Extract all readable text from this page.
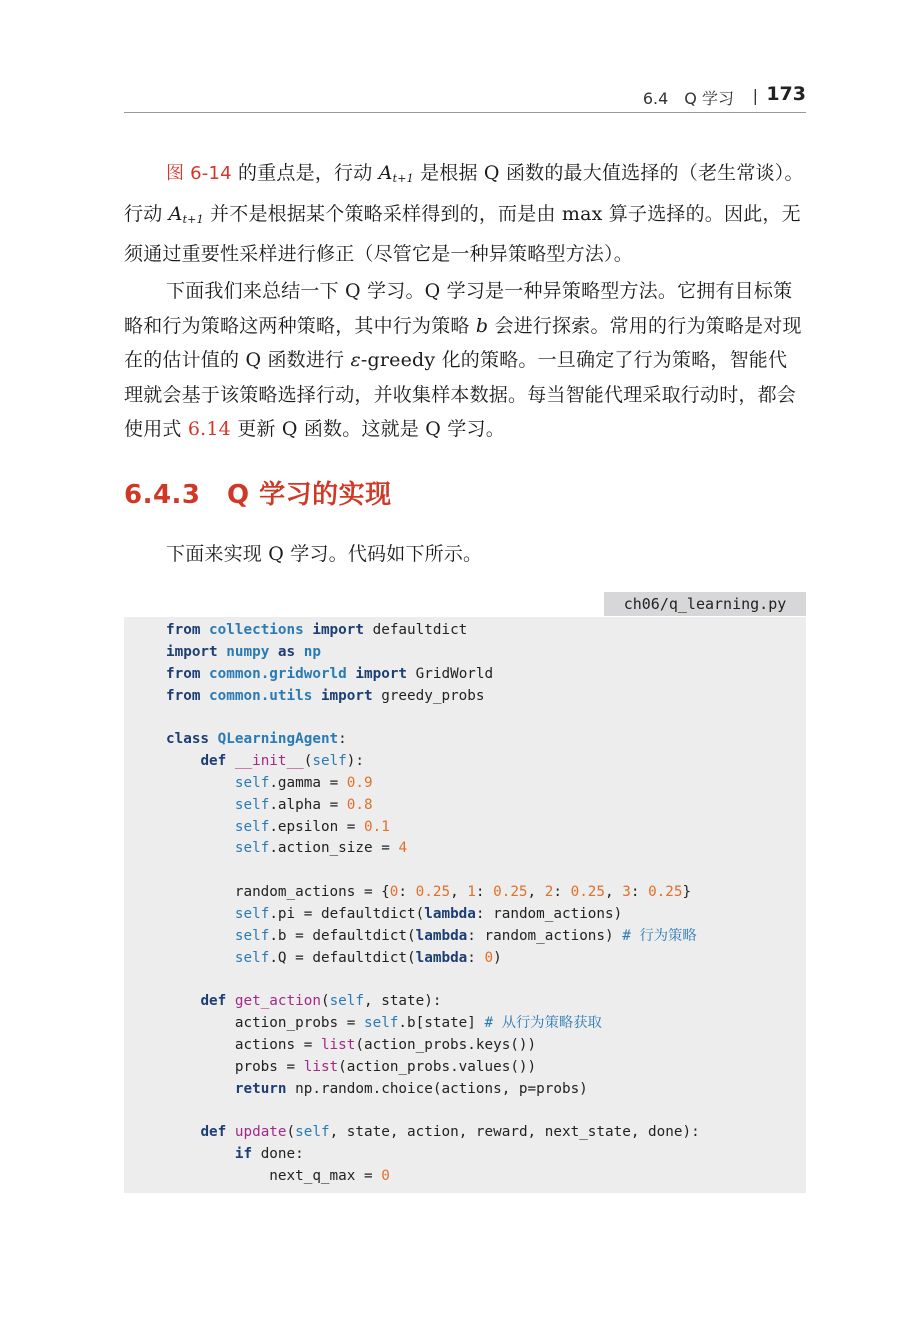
6.4　Q 学习 | 173

图 6-14 的重点是，行动 $A_{t+1}$ 是根据 Q 函数的最大值选择的（老生常谈）。行动 $A_{t+1}$ 并不是根据某个策略采样得到的，而是由 max 算子选择的。因此，无须通过重要性采样进行修正（尽管它是一种异策略型方法）。

下面我们来总结一下 Q 学习。Q 学习是一种异策略型方法。它拥有目标策略和行为策略这两种策略，其中行为策略 b 会进行探索。常用的行为策略是对现在的估计值的 Q 函数进行 ε-greedy 化的策略。一旦确定了行为策略，智能代理就会基于该策略选择行动，并收集样本数据。每当智能代理采取行动时，都会使用式 6.14 更新 Q 函数。这就是 Q 学习。

6.4.3　Q 学习的实现

下面来实现 Q 学习。代码如下所示。

ch06/q_learning.py
from collections import defaultdict
import numpy as np
from common.gridworld import GridWorld
from common.utils import greedy_probs

class QLearningAgent:
def __init__(self):
self.gamma = 0.9
self.alpha = 0.8
self.epsilon = 0.1
self.action_size = 4

random_actions = {0: 0.25, 1: 0.25, 2: 0.25, 3: 0.25}
self.pi = defaultdict(lambda: random_actions)
self.b = defaultdict(lambda: random_actions) # 行为策略
self.Q = defaultdict(lambda: 0)

def get_action(self, state):
action_probs = self.b[state] # 从行为策略获取
actions = list(action_probs.keys())
probs = list(action_probs.values())
return np.random.choice(actions, p=probs)

def update(self, state, action, reward, next_state, done):
if done:
next_q_max = 0
